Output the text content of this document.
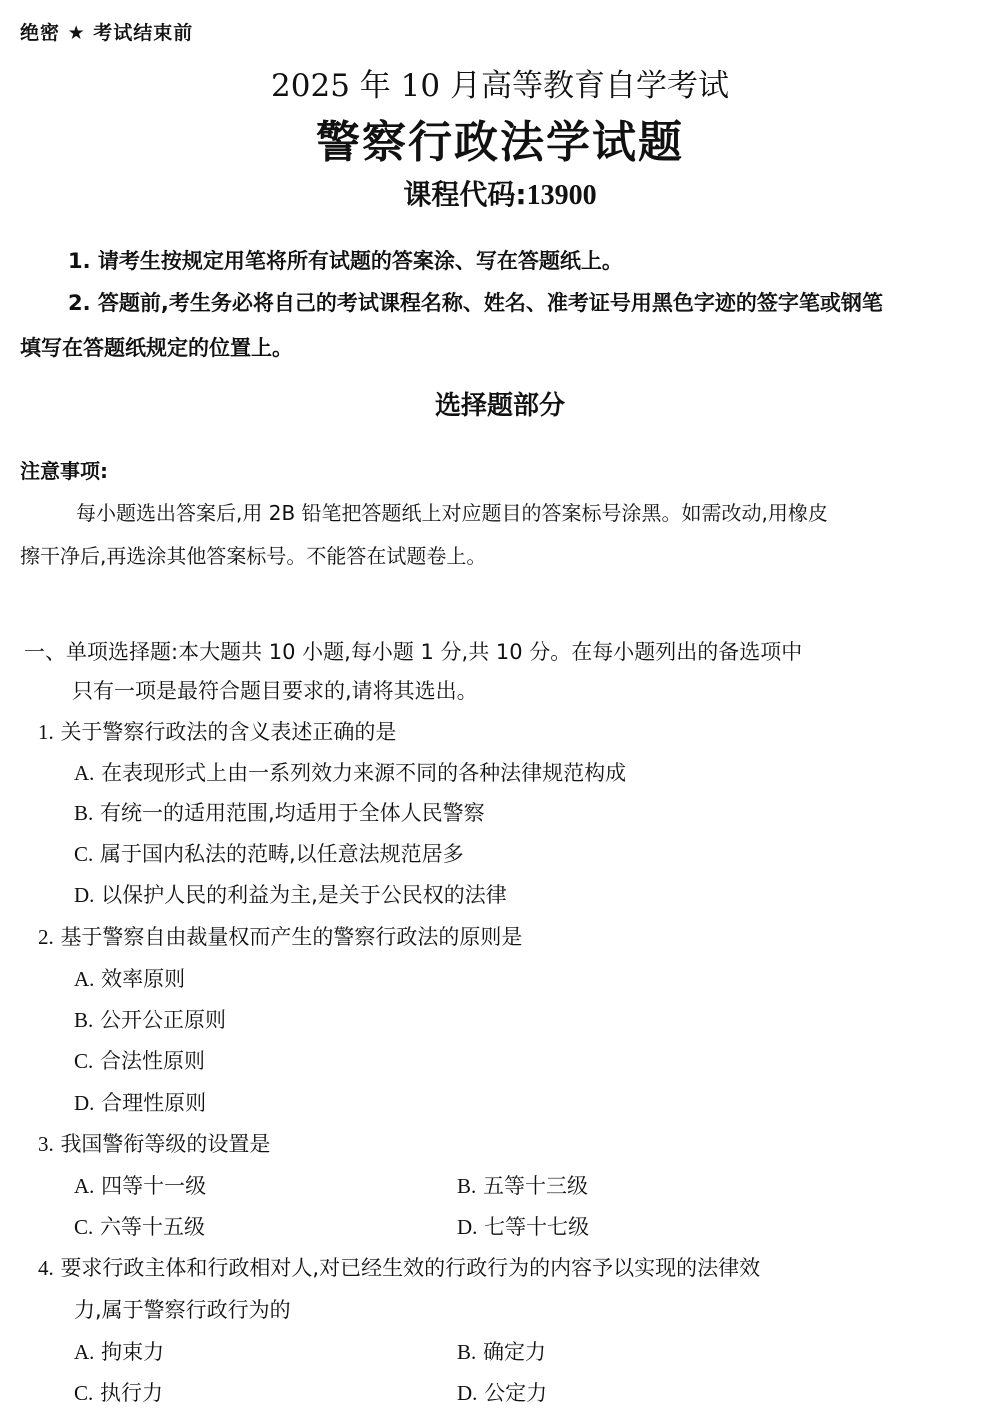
绝密 ★ 考试结束前
2025 年 10 月高等教育自学考试
警察行政法学试题
课程代码:13900
1. 请考生按规定用笔将所有试题的答案涂、写在答题纸上。
2. 答题前,考生务必将自己的考试课程名称、姓名、准考证号用黑色字迹的签字笔或钢笔
填写在答题纸规定的位置上。
选择题部分
注意事项:
每小题选出答案后,用 2B 铅笔把答题纸上对应题目的答案标号涂黑。如需改动,用橡皮
擦干净后,再选涂其他答案标号。不能答在试题卷上。
一、单项选择题:本大题共 10 小题,每小题 1 分,共 10 分。在每小题列出的备选项中
只有一项是最符合题目要求的,请将其选出。
1. 关于警察行政法的含义表述正确的是
A. 在表现形式上由一系列效力来源不同的各种法律规范构成
B. 有统一的适用范围,均适用于全体人民警察
C. 属于国内私法的范畴,以任意法规范居多
D. 以保护人民的利益为主,是关于公民权的法律
2. 基于警察自由裁量权而产生的警察行政法的原则是
A. 效率原则
B. 公开公正原则
C. 合法性原则
D. 合理性原则
3. 我国警衔等级的设置是
A. 四等十一级	B. 五等十三级
C. 六等十五级	D. 七等十七级
4. 要求行政主体和行政相对人,对已经生效的行政行为的内容予以实现的法律效
力,属于警察行政行为的
A. 拘束力	B. 确定力
C. 执行力	D. 公定力
